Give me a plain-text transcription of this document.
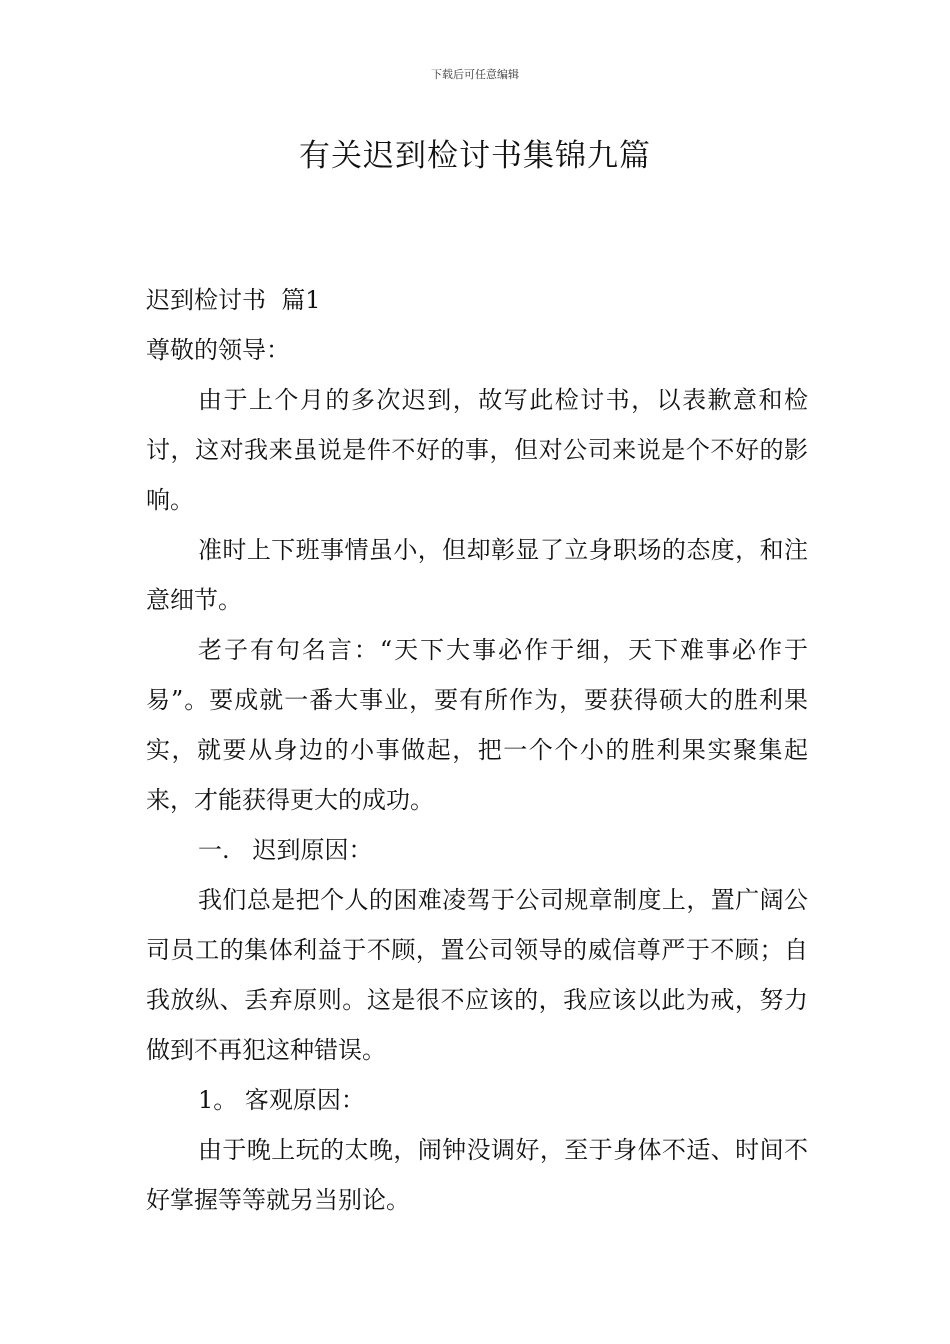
下载后可任意编辑
有关迟到检讨书集锦九篇

迟到检讨书  篇1

尊敬的领导：

由于上个月的多次迟到，故写此检讨书，以表歉意和检讨，这对我来虽说是件不好的事，但对公司来说是个不好的影响。

准时上下班事情虽小，但却彰显了立身职场的态度，和注意细节。

老子有句名言：“天下大事必作于细，天下难事必作于易”。要成就一番大事业，要有所作为，要获得硕大的胜利果实，就要从身边的小事做起，把一个个小的胜利果实聚集起来，才能获得更大的成功。

一.   迟到原因：

我们总是把个人的困难凌驾于公司规章制度上，置广阔公司员工的集体利益于不顾，置公司领导的威信尊严于不顾；自我放纵、丢弃原则。这是很不应该的，我应该以此为戒，努力做到不再犯这种错误。

1。 客观原因：

由于晚上玩的太晚，闹钟没调好，至于身体不适、时间不好掌握等等就另当别论。
